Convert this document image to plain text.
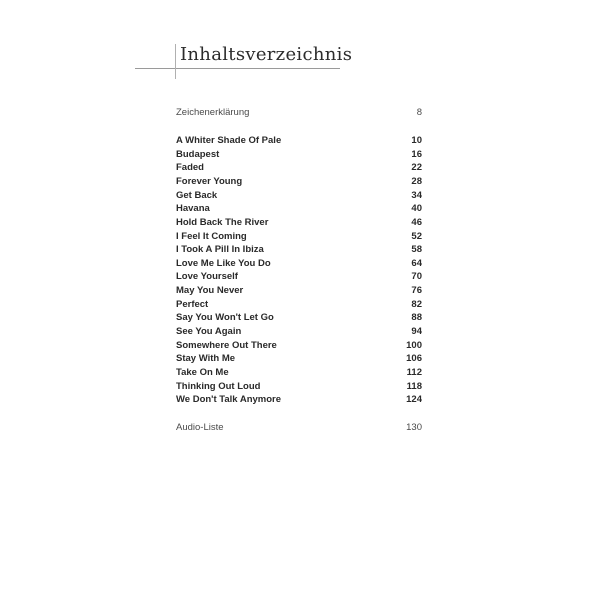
Inhaltsverzeichnis
Zeichenerklärung	8
A Whiter Shade Of Pale	10
Budapest	16
Faded	22
Forever Young	28
Get Back	34
Havana	40
Hold Back The River	46
I Feel It Coming	52
I Took A Pill In Ibiza	58
Love Me Like You Do	64
Love Yourself	70
May You Never	76
Perfect	82
Say You Won't Let Go	88
See You Again	94
Somewhere Out There	100
Stay With Me	106
Take On Me	112
Thinking Out Loud	118
We Don't Talk Anymore	124
Audio-Liste	130
